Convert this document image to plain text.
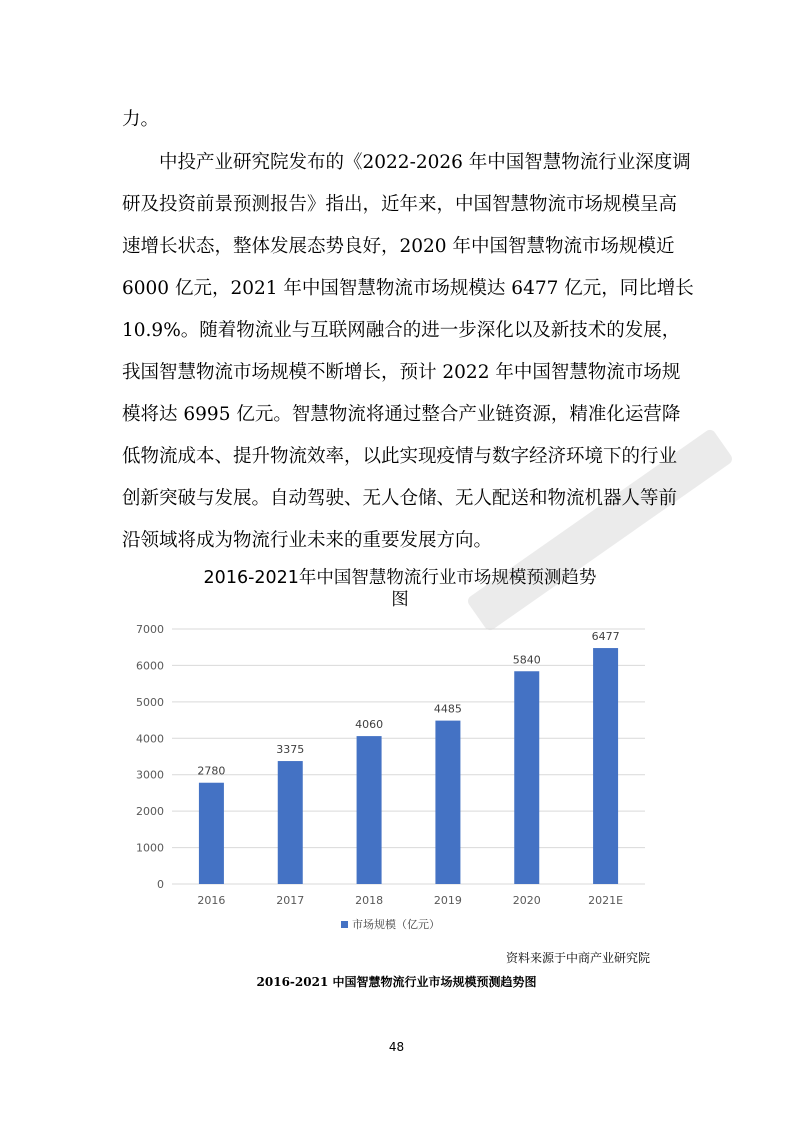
力。
中投产业研究院发布的《2022-2026 年中国智慧物流行业深度调
研及投资前景预测报告》指出，近年来，中国智慧物流市场规模呈高
速增长状态，整体发展态势良好，2020 年中国智慧物流市场规模近
6000 亿元，2021 年中国智慧物流市场规模达 6477 亿元，同比增长
10.9%。随着物流业与互联网融合的进一步深化以及新技术的发展，
我国智慧物流市场规模不断增长，预计 2022 年中国智慧物流市场规
模将达 6995 亿元。智慧物流将通过整合产业链资源，精准化运营降
低物流成本、提升物流效率，以此实现疫情与数字经济环境下的行业
创新突破与发展。自动驾驶、无人仓储、无人配送和物流机器人等前
沿领域将成为物流行业未来的重要发展方向。
2016-2021年中国智慧物流行业市场规模预测趋势
图
2780
3375
4060
4485
5840
6477
0
1000
2000
3000
4000
5000
6000
7000
2016	2017	2018	2019	2020	2021E
市场规模（亿元）
资料来源于中商产业研究院
2016-2021 中国智慧物流行业市场规模预测趋势图
48
